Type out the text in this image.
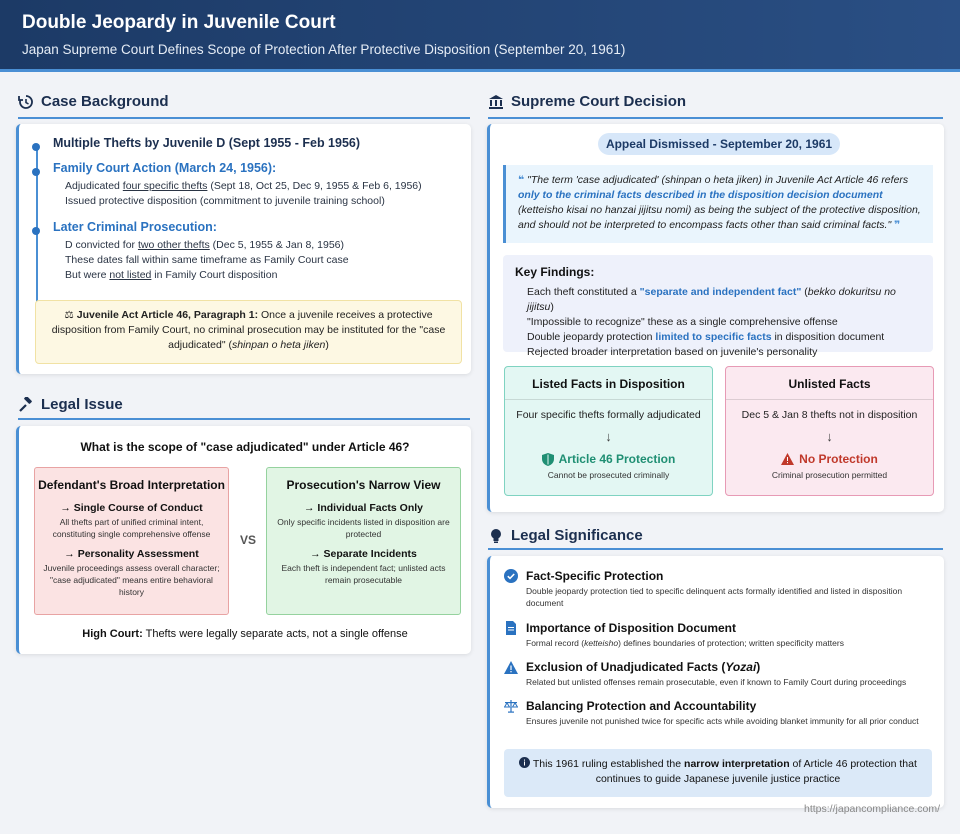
Double Jeopardy in Juvenile Court
Japan Supreme Court Defines Scope of Protection After Protective Disposition (September 20, 1961)
Case Background
Multiple Thefts by Juvenile D (Sept 1955 - Feb 1956)
Family Court Action (March 24, 1956):
Adjudicated four specific thefts (Sept 18, Oct 25, Dec 9, 1955 & Feb 6, 1956)
Issued protective disposition (commitment to juvenile training school)
Later Criminal Prosecution:
D convicted for two other thefts (Dec 5, 1955 & Jan 8, 1956)
These dates fall within same timeframe as Family Court case
But were not listed in Family Court disposition
⚖ Juvenile Act Article 46, Paragraph 1: Once a juvenile receives a protective disposition from Family Court, no criminal prosecution may be instituted for the "case adjudicated" (shinpan o heta jiken)
Legal Issue
What is the scope of "case adjudicated" under Article 46?
Defendant's Broad Interpretation
→ Single Course of Conduct
All thefts part of unified criminal intent, constituting single comprehensive offense
→ Personality Assessment
Juvenile proceedings assess overall character; "case adjudicated" means entire behavioral history
VS
Prosecution's Narrow View
→ Individual Facts Only
Only specific incidents listed in disposition are protected
→ Separate Incidents
Each theft is independent fact; unlisted acts remain prosecutable
High Court: Thefts were legally separate acts, not a single offense
Supreme Court Decision
Appeal Dismissed - September 20, 1961
❝ "The term 'case adjudicated' (shinpan o heta jiken) in Juvenile Act Article 46 refers only to the criminal facts described in the disposition decision document (ketteisho kisai no hanzai jijitsu nomi) as being the subject of the protective disposition, and should not be interpreted to encompass facts other than said criminal facts." ❞
Key Findings:
Each theft constituted a "separate and independent fact" (bekko dokuritsu no jijitsu)
"Impossible to recognize" these as a single comprehensive offense
Double jeopardy protection limited to specific facts in disposition document
Rejected broader interpretation based on juvenile's personality
Listed Facts in Disposition
Four specific thefts formally adjudicated
↓
Article 46 Protection
Cannot be prosecuted criminally
Unlisted Facts
Dec 5 & Jan 8 thefts not in disposition
↓
No Protection
Criminal prosecution permitted
Legal Significance
Fact-Specific Protection
Double jeopardy protection tied to specific delinquent acts formally identified and listed in disposition document
Importance of Disposition Document
Formal record (ketteisho) defines boundaries of protection; written specificity matters
Exclusion of Unadjudicated Facts (Yozai)
Related but unlisted offenses remain prosecutable, even if known to Family Court during proceedings
Balancing Protection and Accountability
Ensures juvenile not punished twice for specific acts while avoiding blanket immunity for all prior conduct
This 1961 ruling established the narrow interpretation of Article 46 protection that continues to guide Japanese juvenile justice practice
https://japancompliance.com/
